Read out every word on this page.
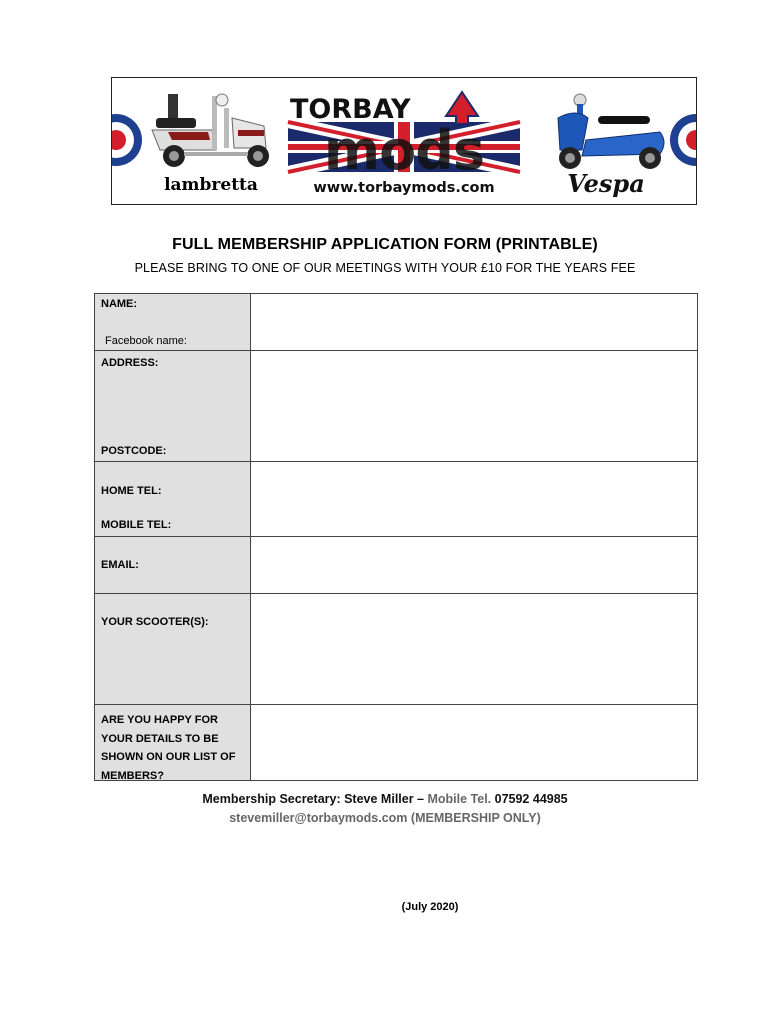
lambretta
TORBAY
mods
www.torbaymods.com	Vespa
FULL MEMBERSHIP APPLICATION FORM (PRINTABLE)
PLEASE BRING TO ONE OF OUR MEETINGS WITH YOUR £10 FOR THE YEARS FEE
NAME:
Facebook name:	

ADDRESS:
POSTCODE:	

HOME TEL:
MOBILE TEL:	

EMAIL:	

YOUR SCOOTER(S):	

ARE YOU HAPPY FOR YOUR DETAILS TO BE SHOWN ON OUR LIST OF MEMBERS?	

Membership Secretary: Steve Miller – Mobile Tel. 07592 44985
stevemiller@torbaymods.com (MEMBERSHIP ONLY)
(July 2020)
